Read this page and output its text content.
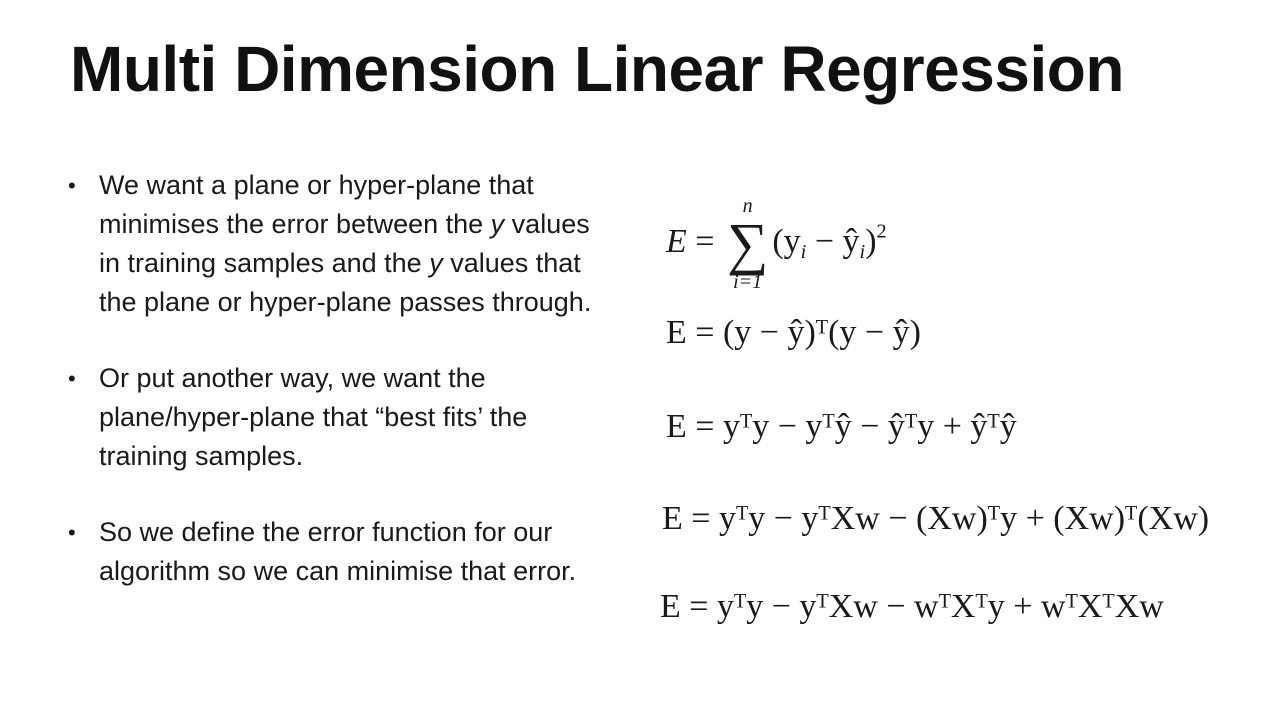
Multi Dimension Linear Regression
• We want a plane or hyper-plane that minimises the error between the y values in training samples and the y values that the plane or hyper-plane passes through.
• Or put another way, we want the plane/hyper-plane that “best fits’ the training samples.
• So we define the error function for our algorithm so we can minimise that error.
E =
n
∑
i=1
($y_i$ − $ŷ_i)^2$
E = (y − ŷ)ᵀ(y − ŷ)
E = yᵀy − yᵀŷ − ŷᵀy + ŷᵀŷ
E = yᵀy − yᵀXw − (Xw)ᵀy + (Xw)ᵀ(Xw)
E = yᵀy − yᵀXw − wᵀXᵀy + wᵀXᵀXw
